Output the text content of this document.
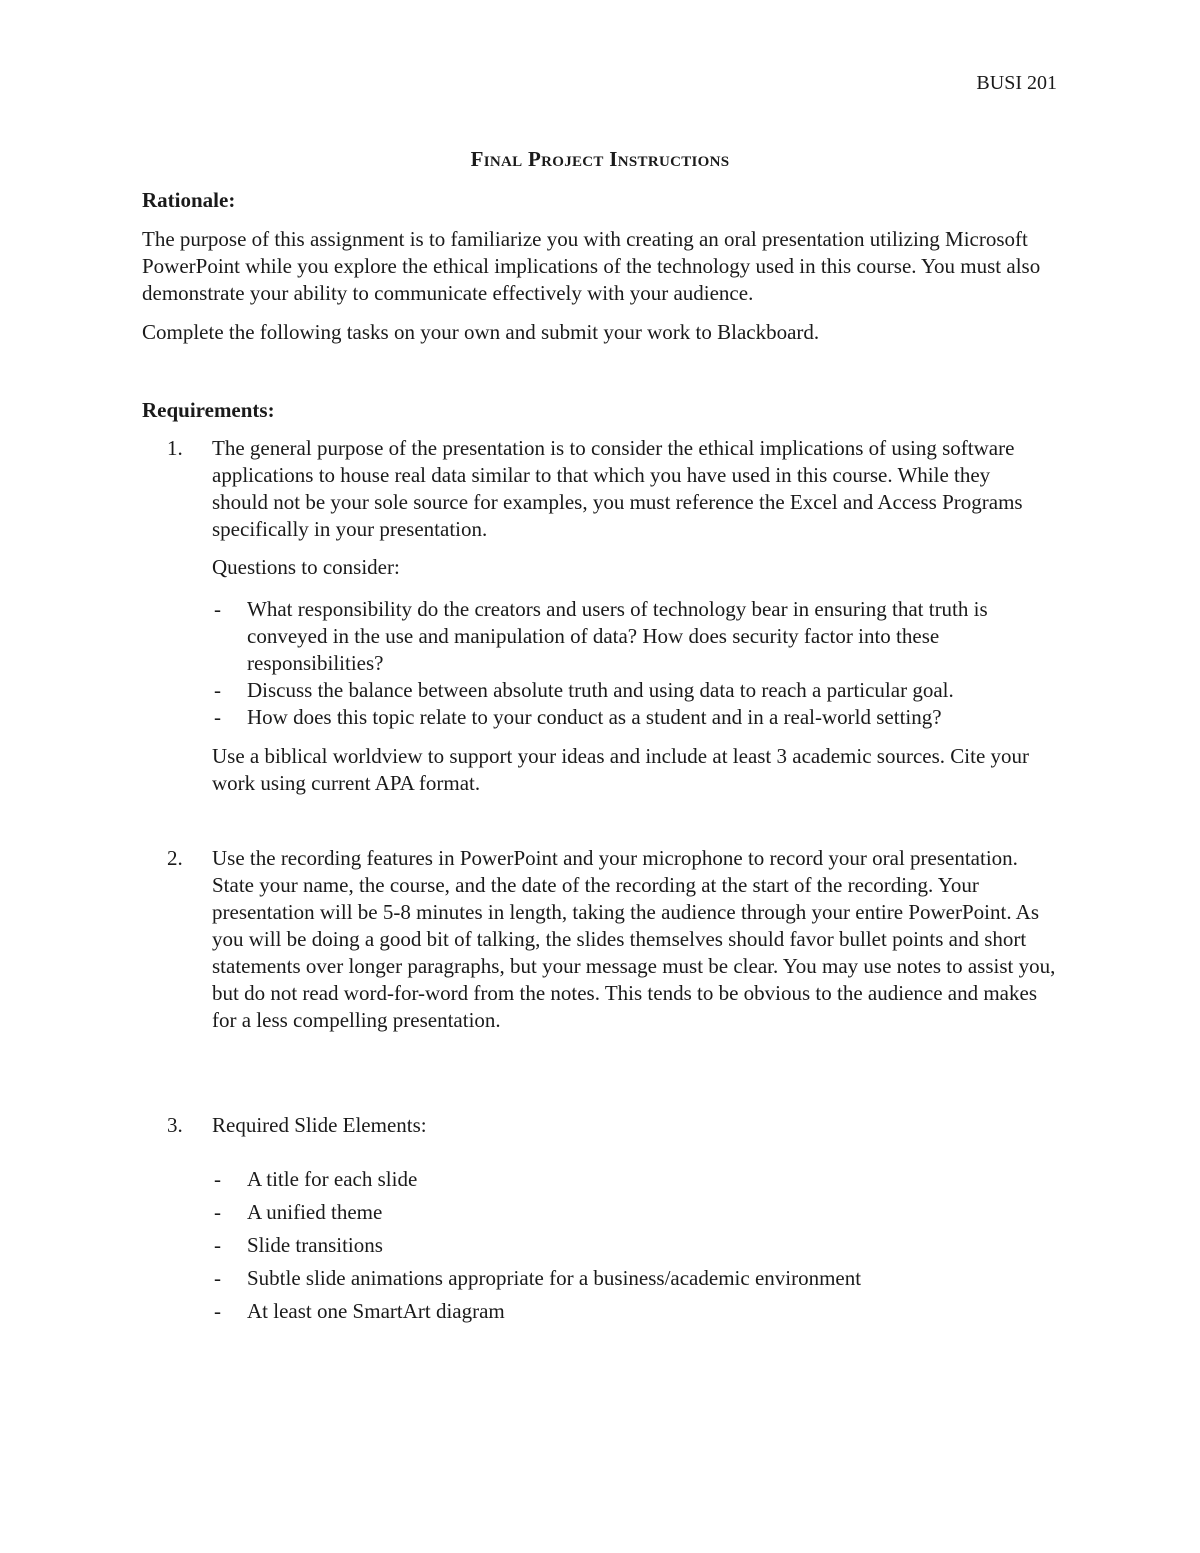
BUSI 201
Final Project Instructions
Rationale:

The purpose of this assignment is to familiarize you with creating an oral presentation utilizing Microsoft PowerPoint while you explore the ethical implications of the technology used in this course. You must also demonstrate your ability to communicate effectively with your audience.

Complete the following tasks on your own and submit your work to Blackboard.

Requirements:
1. The general purpose of the presentation is to consider the ethical implications of using software applications to house real data similar to that which you have used in this course. While they should not be your sole source for examples, you must reference the Excel and Access Programs specifically in your presentation.

Questions to consider:

- What responsibility do the creators and users of technology bear in ensuring that truth is conveyed in the use and manipulation of data? How does security factor into these responsibilities?
- Discuss the balance between absolute truth and using data to reach a particular goal.
- How does this topic relate to your conduct as a student and in a real-world setting?

Use a biblical worldview to support your ideas and include at least 3 academic sources. Cite your work using current APA format.

2. Use the recording features in PowerPoint and your microphone to record your oral presentation. State your name, the course, and the date of the recording at the start of the recording. Your presentation will be 5-8 minutes in length, taking the audience through your entire PowerPoint. As you will be doing a good bit of talking, the slides themselves should favor bullet points and short statements over longer paragraphs, but your message must be clear. You may use notes to assist you, but do not read word-for-word from the notes. This tends to be obvious to the audience and makes for a less compelling presentation.

3. Required Slide Elements:

- A title for each slide
- A unified theme
- Slide transitions
- Subtle slide animations appropriate for a business/academic environment
- At least one SmartArt diagram
